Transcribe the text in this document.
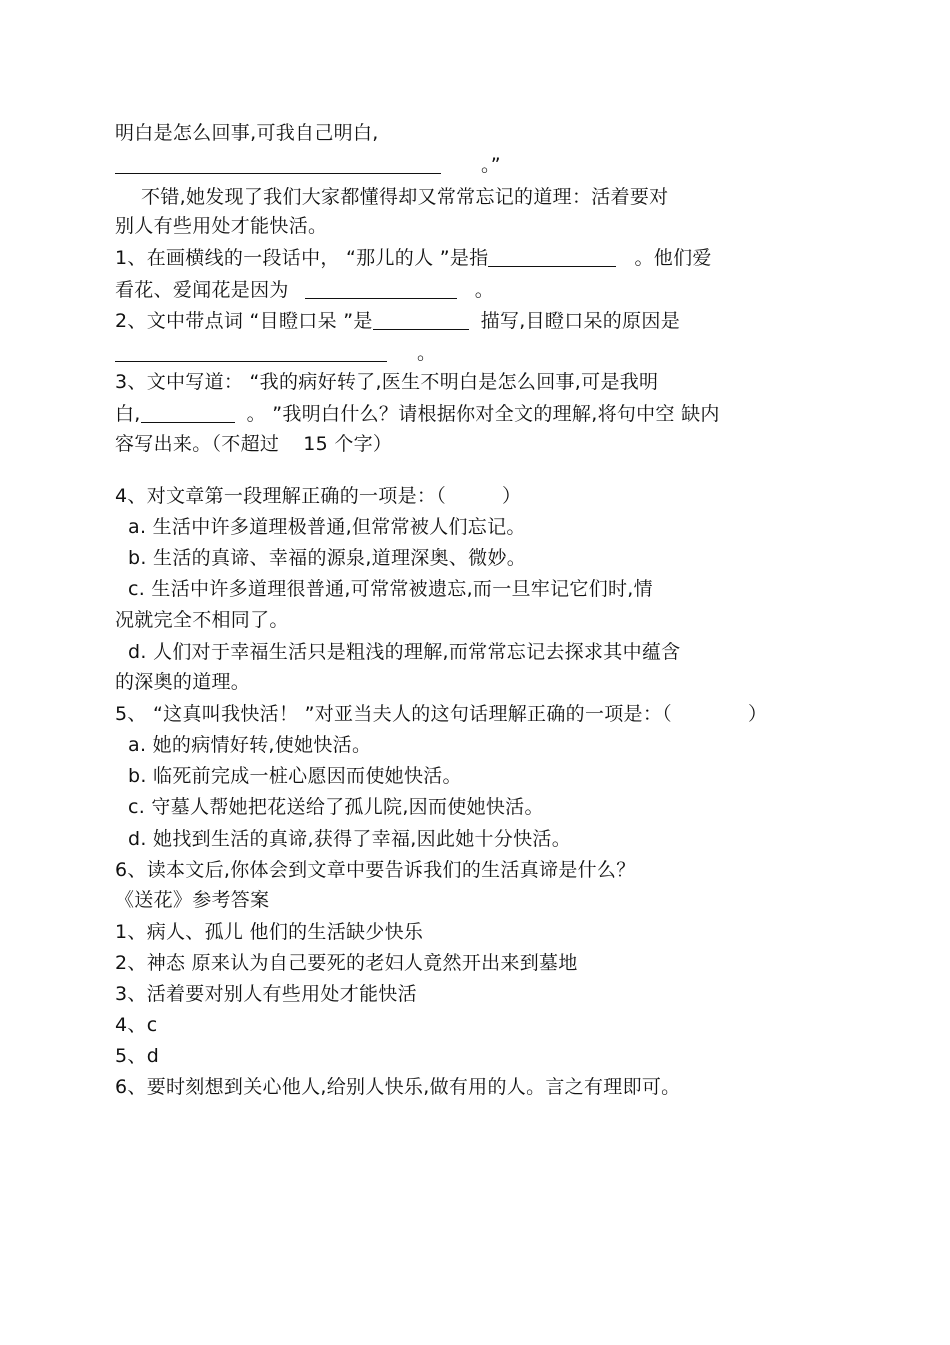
明白是怎么回事,可我自己明白,
。”
不错,她发现了我们大家都懂得却又常常忘记的道理：活着要对
别人有些用处才能快活。
1、在画横线的一段话中， “那儿的人 ”是指	。他们爱
看花、爱闻花是因为	。
2、文中带点词 “目瞪口呆 ”是	描写,目瞪口呆的原因是
。
3、文中写道： “我的病好转了,医生不明白是怎么回事,可是我明
白,	。 ”我明白什么？请根据你对全文的理解,将句中空 缺内
容写出来。（不超过 15 个字）
4、对文章第一段理解正确的一项是：（	）
a. 生活中许多道理极普通,但常常被人们忘记。
b. 生活的真谛、幸福的源泉,道理深奥、微妙。
c. 生活中许多道理很普通,可常常被遗忘,而一旦牢记它们时,情
况就完全不相同了。
d. 人们对于幸福生活只是粗浅的理解,而常常忘记去探求其中蕴含
的深奥的道理。
5、 “这真叫我快活！ ”对亚当夫人的这句话理解正确的一项是：（	）
a. 她的病情好转,使她快活。
b. 临死前完成一桩心愿因而使她快活。
c. 守墓人帮她把花送给了孤儿院,因而使她快活。
d. 她找到生活的真谛,获得了幸福,因此她十分快活。
6、读本文后,你体会到文章中要告诉我们的生活真谛是什么？
《送花》参考答案
1、病人、孤儿 他们的生活缺少快乐
2、神态 原来认为自己要死的老妇人竟然开出来到墓地
3、活着要对别人有些用处才能快活
4、c
5、d
6、要时刻想到关心他人,给别人快乐,做有用的人。言之有理即可。
